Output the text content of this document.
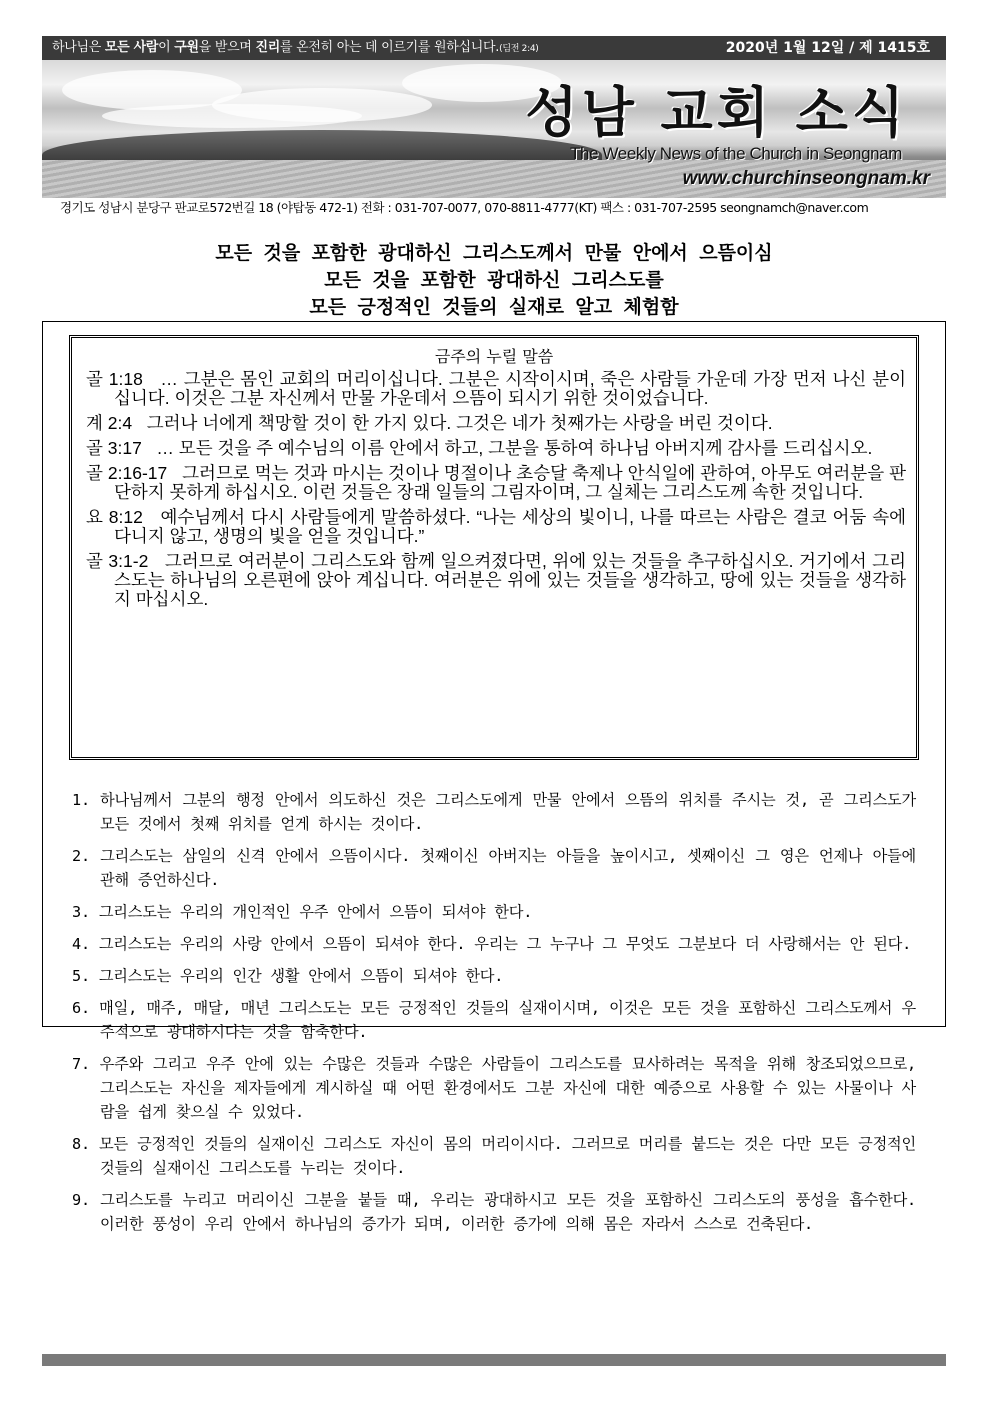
하나님은 모든 사람이 구원을 받으며 진리를 온전히 아는 데 이르기를 원하십니다.(딤전 2:4)	2020년 1월 12일 / 제 1415호
성남 교회 소식
The Weekly News of the Church in Seongnam
www.churchinseongnam.kr
경기도 성남시 분당구 판교로572번길 18 (야탑동 472-1) 전화 : 031-707-0077, 070-8811-4777(KT) 팩스 : 031-707-2595 seongnamch@naver.com
모든 것을 포함한 광대하신 그리스도께서 만물 안에서 으뜸이심
모든 것을 포함한 광대하신 그리스도를
모든 긍정적인 것들의 실재로 알고 체험함
금주의 누릴 말씀
골 1:18 … 그분은 몸인 교회의 머리이십니다. 그분은 시작이시며, 죽은 사람들 가운데 가장 먼저 나신 분이십니다. 이것은 그분 자신께서 만물 가운데서 으뜸이 되시기 위한 것이었습니다.
계 2:4 그러나 너에게 책망할 것이 한 가지 있다. 그것은 네가 첫째가는 사랑을 버린 것이다.
골 3:17 … 모든 것을 주 예수님의 이름 안에서 하고, 그분을 통하여 하나님 아버지께 감사를 드리십시오.
골 2:16-17 그러므로 먹는 것과 마시는 것이나 명절이나 초승달 축제나 안식일에 관하여, 아무도 여러분을 판단하지 못하게 하십시오. 이런 것들은 장래 일들의 그림자이며, 그 실체는 그리스도께 속한 것입니다.
요 8:12 예수님께서 다시 사람들에게 말씀하셨다. “나는 세상의 빛이니, 나를 따르는 사람은 결코 어둠 속에 다니지 않고, 생명의 빛을 얻을 것입니다.”
골 3:1-2 그러므로 여러분이 그리스도와 함께 일으켜졌다면, 위에 있는 것들을 추구하십시오. 거기에서 그리스도는 하나님의 오른편에 앉아 계십니다. 여러분은 위에 있는 것들을 생각하고, 땅에 있는 것들을 생각하지 마십시오.
1. 하나님께서 그분의 행정 안에서 의도하신 것은 그리스도에게 만물 안에서 으뜸의 위치를 주시는 것, 곧 그리스도가 모든 것에서 첫째 위치를 얻게 하시는 것이다.
2. 그리스도는 삼일의 신격 안에서 으뜸이시다. 첫째이신 아버지는 아들을 높이시고, 셋째이신 그 영은 언제나 아들에 관해 증언하신다.
3. 그리스도는 우리의 개인적인 우주 안에서 으뜸이 되셔야 한다.
4. 그리스도는 우리의 사랑 안에서 으뜸이 되셔야 한다. 우리는 그 누구나 그 무엇도 그분보다 더 사랑해서는 안 된다.
5. 그리스도는 우리의 인간 생활 안에서 으뜸이 되셔야 한다.
6. 매일, 매주, 매달, 매년 그리스도는 모든 긍정적인 것들의 실재이시며, 이것은 모든 것을 포함하신 그리스도께서 우주적으로 광대하시다는 것을 함축한다.
7. 우주와 그리고 우주 안에 있는 수많은 것들과 수많은 사람들이 그리스도를 묘사하려는 목적을 위해 창조되었으므로, 그리스도는 자신을 제자들에게 계시하실 때 어떤 환경에서도 그분 자신에 대한 예증으로 사용할 수 있는 사물이나 사람을 쉽게 찾으실 수 있었다.
8. 모든 긍정적인 것들의 실재이신 그리스도 자신이 몸의 머리이시다. 그러므로 머리를 붙드는 것은 다만 모든 긍정적인 것들의 실재이신 그리스도를 누리는 것이다.
9. 그리스도를 누리고 머리이신 그분을 붙들 때, 우리는 광대하시고 모든 것을 포함하신 그리스도의 풍성을 흡수한다. 이러한 풍성이 우리 안에서 하나님의 증가가 되며, 이러한 증가에 의해 몸은 자라서 스스로 건축된다.
